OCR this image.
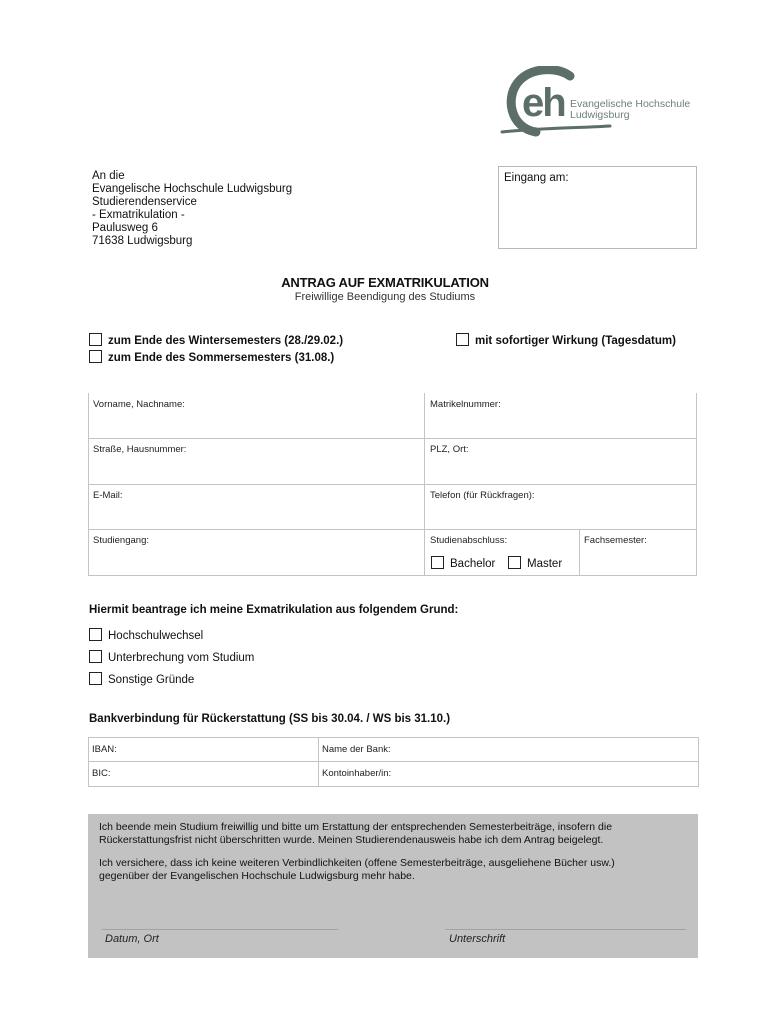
eh Evangelische Hochschule
Ludwigsburg
An die
Evangelische Hochschule Ludwigsburg
Studierendenservice
- Exmatrikulation -
Paulusweg 6
71638 Ludwigsburg
Eingang am:
ANTRAG AUF EXMATRIKULATION
Freiwillige Beendigung des Studiums
zum Ende des Wintersemesters (28./29.02.)
zum Ende des Sommersemesters (31.08.)
mit sofortiger Wirkung (Tagesdatum)
Vorname, Nachname:	Matrikelnummer:
Straße, Hausnummer:	PLZ, Ort:
E-Mail:	Telefon (für Rückfragen):
Studiengang:	Studienabschluss:	Fachsemester:
Bachelor	Master
Hiermit beantrage ich meine Exmatrikulation aus folgendem Grund:
Hochschulwechsel
Unterbrechung vom Studium
Sonstige Gründe
Bankverbindung für Rückerstattung (SS bis 30.04. / WS bis 31.10.)
IBAN:	Name der Bank:
BIC:	Kontoinhaber/in:
Ich beende mein Studium freiwillig und bitte um Erstattung der entsprechenden Semesterbeiträge, insofern die
Rückerstattungsfrist nicht überschritten wurde. Meinen Studierendenausweis habe ich dem Antrag beigelegt.
Ich versichere, dass ich keine weiteren Verbindlichkeiten (offene Semesterbeiträge, ausgeliehene Bücher usw.)
gegenüber der Evangelischen Hochschule Ludwigsburg mehr habe.
Datum, Ort	Unterschrift
